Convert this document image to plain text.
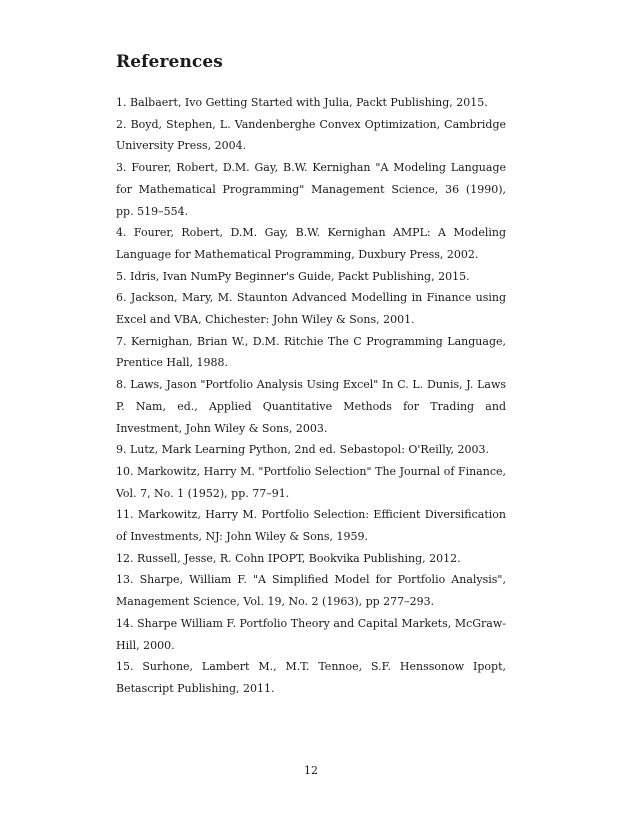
References
1. Balbaert, Ivo Getting Started with Julia, Packt Publishing, 2015.
2. Boyd, Stephen, L. Vandenberghe Convex Optimization, Cambridge University Press, 2004.
3. Fourer, Robert, D.M. Gay, B.W. Kernighan "A Modeling Language for Mathematical Programming" Management Science, 36 (1990), pp. 519–554.
4. Fourer, Robert, D.M. Gay, B.W. Kernighan AMPL: A Modeling Language for Mathematical Programming, Duxbury Press, 2002.
5. Idris, Ivan NumPy Beginner's Guide, Packt Publishing, 2015.
6. Jackson, Mary, M. Staunton Advanced Modelling in Finance using Excel and VBA, Chichester: John Wiley & Sons, 2001.
7. Kernighan, Brian W., D.M. Ritchie The C Programming Language, Prentice Hall, 1988.
8. Laws, Jason "Portfolio Analysis Using Excel" In C. L. Dunis, J. Laws P. Nam, ed., Applied Quantitative Methods for Trading and Investment, John Wiley & Sons, 2003.
9. Lutz, Mark Learning Python, 2nd ed. Sebastopol: O'Reilly, 2003.
10. Markowitz, Harry M. "Portfolio Selection" The Journal of Finance, Vol. 7, No. 1 (1952), pp. 77–91.
11. Markowitz, Harry M. Portfolio Selection: Efficient Diversification of Investments, NJ: John Wiley & Sons, 1959.
12. Russell, Jesse, R. Cohn IPOPT, Bookvika Publishing, 2012.
13. Sharpe, William F. "A Simplified Model for Portfolio Analysis", Management Science, Vol. 19, No. 2 (1963), pp 277–293.
14. Sharpe William F. Portfolio Theory and Capital Markets, McGraw-Hill, 2000.
15. Surhone, Lambert M., M.T. Tennoe, S.F. Henssonow Ipopt, Betascript Publishing, 2011.
12
